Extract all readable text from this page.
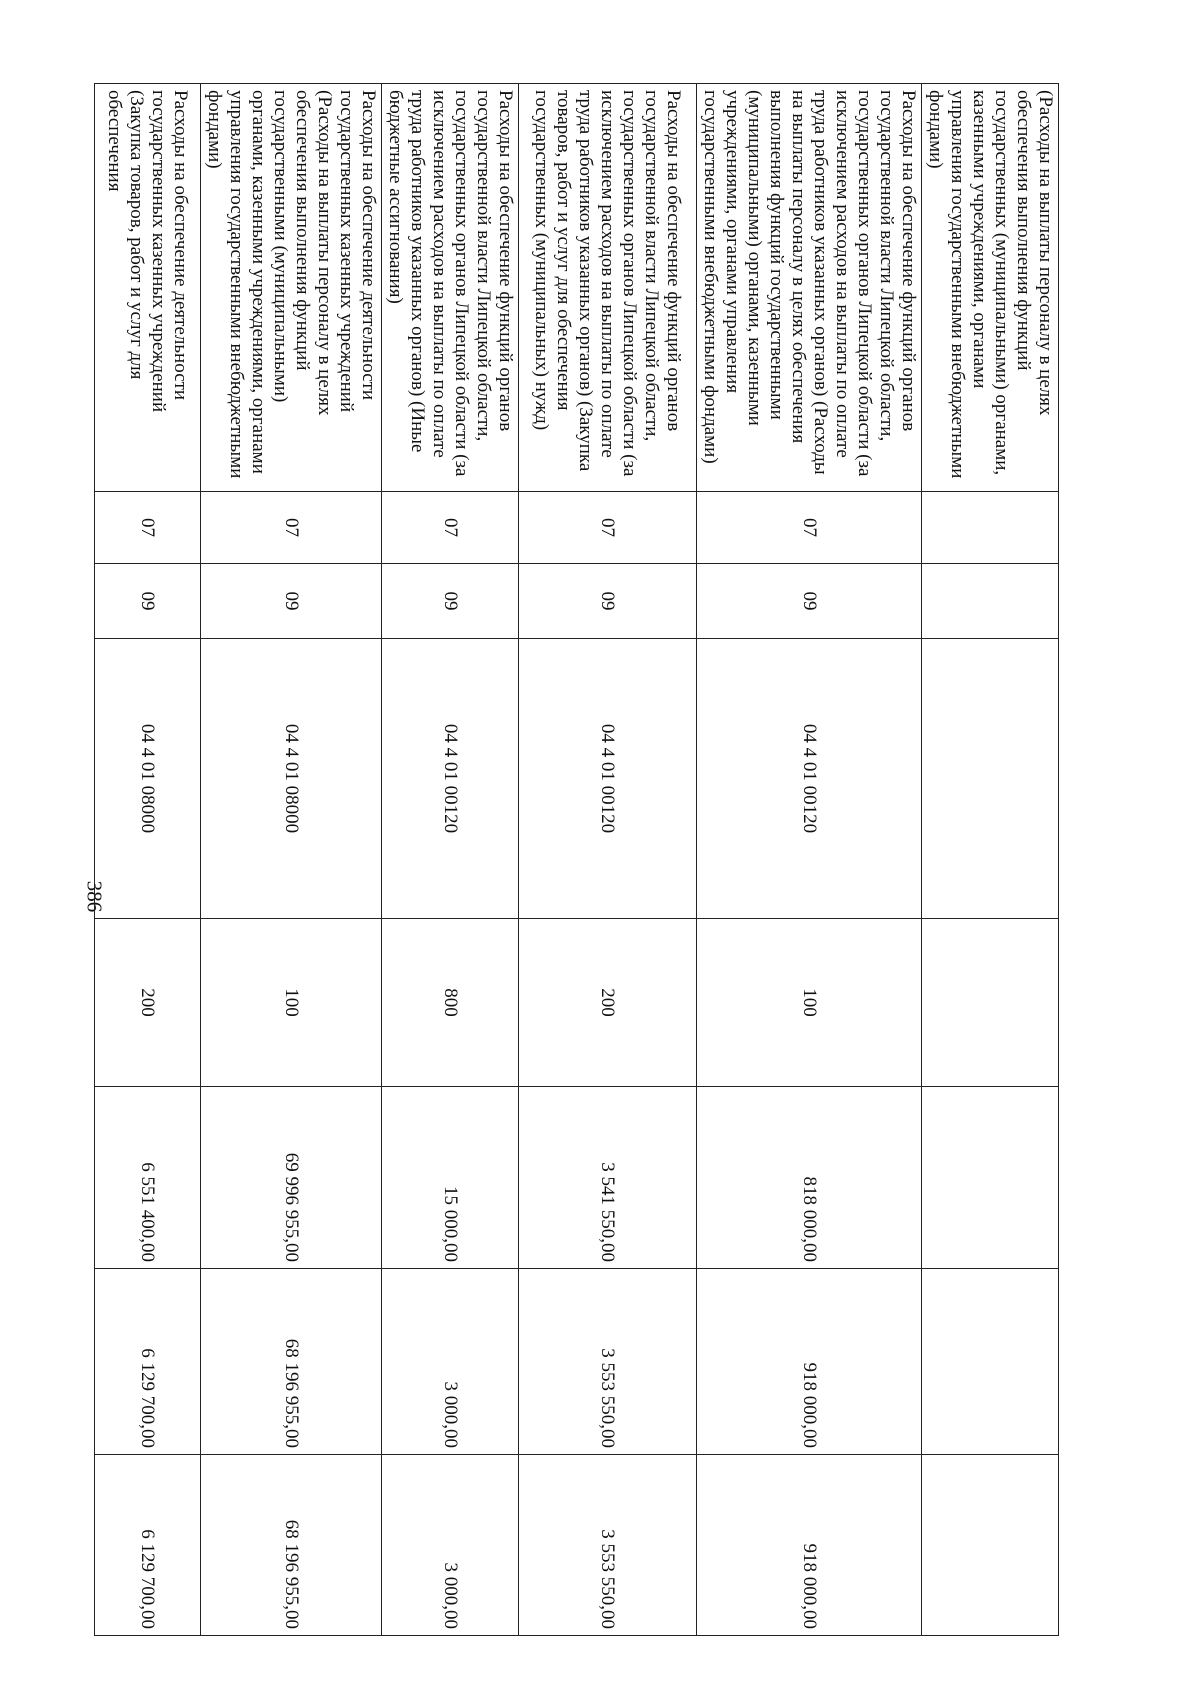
386
(Расходы на выплаты персоналу в целях обеспечения выполнения функций государственных (муниципальными) органами, казенными учреждениями, органами управления государственными внебюджетными фондами)							
Расходы на обеспечение функций органов государственной власти Липецкой области, государственных органов Липецкой области (за исключением расходов на выплаты по оплате труда работников указанных органов) (Расходы на выплаты персоналу в целях обеспечения выполнения функций государственными (муниципальными) органами, казенными учреждениями, органами управления государственными внебюджетными фондами)	07	09	04 4 01 00120	100	818 000,00	918 000,00	918 000,00
Расходы на обеспечение функций органов государственной власти Липецкой области, государственных органов Липецкой области (за исключением расходов на выплаты по оплате труда работников указанных органов) (Закупка товаров, работ и услуг для обеспечения государственных (муниципальных) нужд)	07	09	04 4 01 00120	200	3 541 550,00	3 553 550,00	3 553 550,00
Расходы на обеспечение функций органов государственной власти Липецкой области, государственных органов Липецкой области (за исключением расходов на выплаты по оплате труда работников указанных органов) (Иные бюджетные ассигнования)	07	09	04 4 01 00120	800	15 000,00	3 000,00	3 000,00
Расходы на обеспечение деятельности государственных казенных учреждений (Расходы на выплаты персоналу в целях обеспечения выполнения функций государственными (муниципальными) органами, казенными учреждениями, органами управления государственными внебюджетными фондами)	07	09	04 4 01 08000	100	69 996 955,00	68 196 955,00	68 196 955,00
Расходы на обеспечение деятельности государственных казенных учреждений (Закупка товаров, работ и услуг для обеспечения	07	09	04 4 01 08000	200	6 551 400,00	6 129 700,00	6 129 700,00
